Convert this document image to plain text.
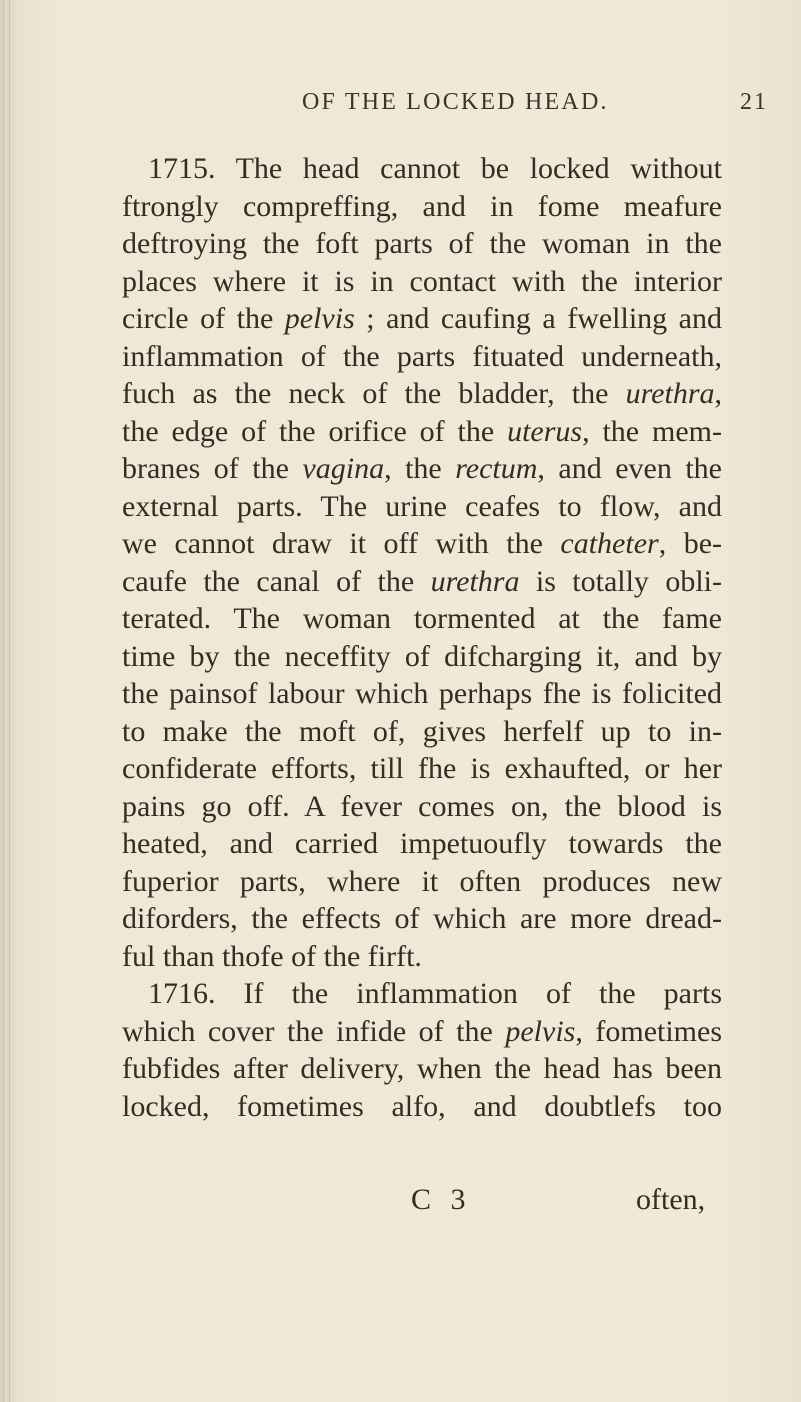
OF THE LOCKED HEAD.	21
1715. The head cannot be locked without
ftrongly compreffing, and in fome meafure
deftroying the foft parts of the woman in the
places where it is in contact with the interior
circle of the pelvis ; and caufing a fwelling and
inflammation of the parts fituated underneath,
fuch as the neck of the bladder, the urethra,
the edge of the orifice of the uterus, the mem-
branes of the vagina, the rectum, and even the
external parts. The urine ceafes to flow, and
we cannot draw it off with the catheter, be-
caufe the canal of the urethra is totally obli-
terated. The woman tormented at the fame
time by the neceffity of difcharging it, and by
the painsof labour which perhaps fhe is folicited
to make the moft of, gives herfelf up to in-
confiderate efforts, till fhe is exhaufted, or her
pains go off. A fever comes on, the blood is
heated, and carried impetuoufly towards the
fuperior parts, where it often produces new
diforders, the effects of which are more dread-
ful than thofe of the firft.
1716. If the inflammation of the parts
which cover the infide of the pelvis, fometimes
fubfides after delivery, when the head has been
locked, fometimes alfo, and doubtlefs too
C 3	often,
